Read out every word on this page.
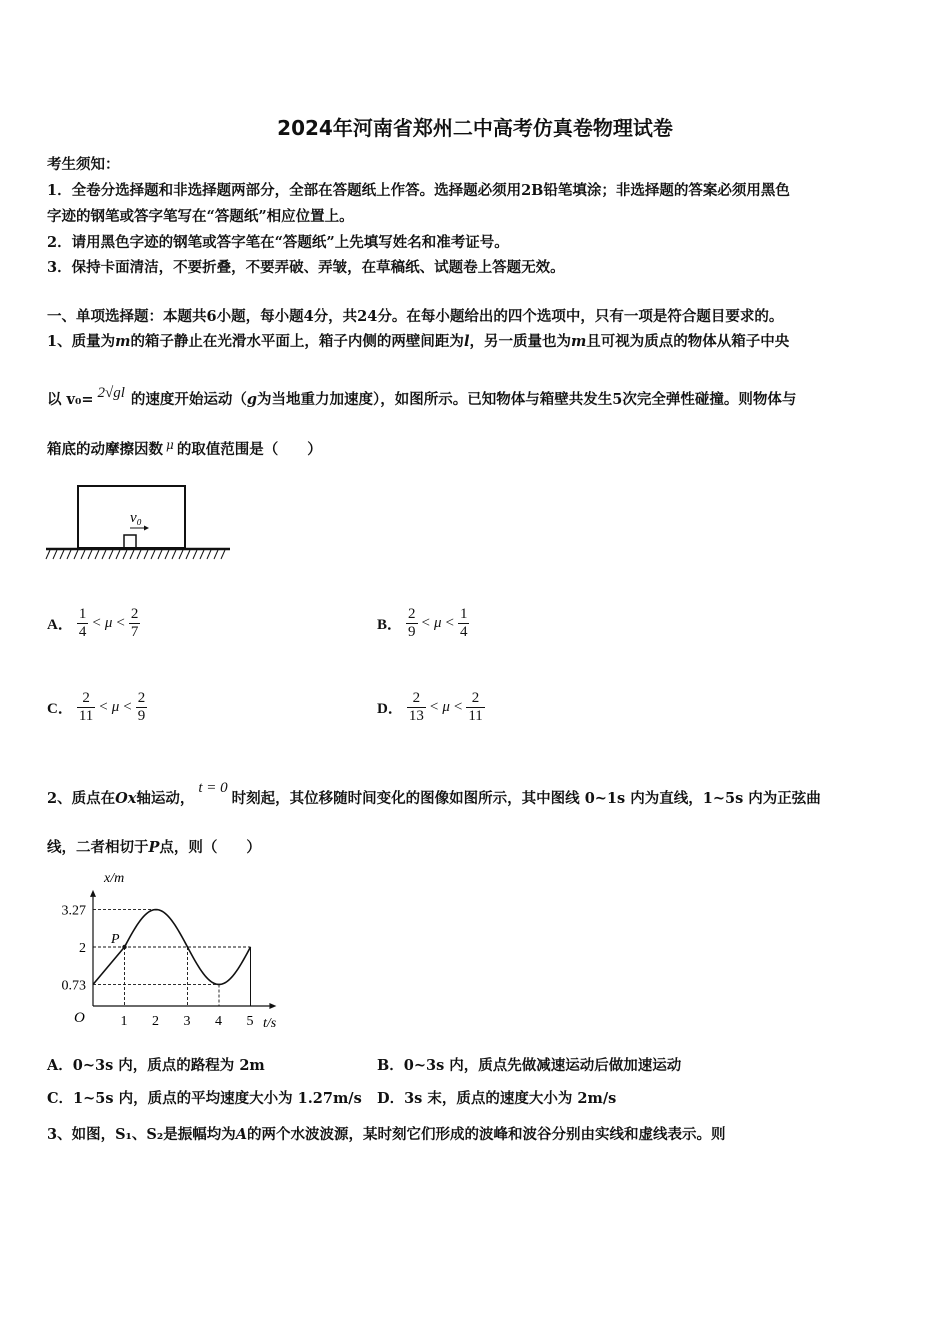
2024年河南省郑州二中高考仿真卷物理试卷
考生须知：
1．全卷分选择题和非选择题两部分，全部在答题纸上作答。选择题必须用2B铅笔填涂；非选择题的答案必须用黑色
字迹的钢笔或答字笔写在“答题纸”相应位置上。
2．请用黑色字迹的钢笔或答字笔在“答题纸”上先填写姓名和准考证号。
3．保持卡面清洁，不要折叠，不要弄破、弄皱，在草稿纸、试题卷上答题无效。
一、单项选择题：本题共6小题，每小题4分，共24分。在每小题给出的四个选项中，只有一项是符合题目要求的。
1、质量为m的箱子静止在光滑水平面上，箱子内侧的两壁间距为l，另一质量也为m且可视为质点的物体从箱子中央
以 v₀= 2√gl 的速度开始运动（g为当地重力加速度），如图所示。已知物体与箱壁共发生5次完全弹性碰撞。则物体与
箱底的动摩擦因数 $^\mu$ 的取值范围是（　　）
v₀
A． $\frac{1}{4} < \mu < \frac{2}{7}$	B． $\frac{2}{9} < \mu < \frac{1}{4}$
C． $\frac{2}{11} < \mu < \frac{2}{9}$	D． $\frac{2}{13} < \mu < \frac{2}{11}$
2、质点在Ox轴运动，t = 0时刻起，其位移随时间变化的图像如图所示，其中图线 0~1s 内为直线，1~5s 内为正弦曲
线，二者相切于P点，则（　　）
1 2 3 4 5
3.27
2
0.73
x/m
t/s
O
P
A．0~3s 内，质点的路程为 2m	B．0~3s 内，质点先做减速运动后做加速运动
C．1~5s 内，质点的平均速度大小为 1.27m/s D．3s 末，质点的速度大小为 2m/s
3、如图，S₁、S₂是振幅均为A的两个水波波源，某时刻它们形成的波峰和波谷分别由实线和虚线表示。则
